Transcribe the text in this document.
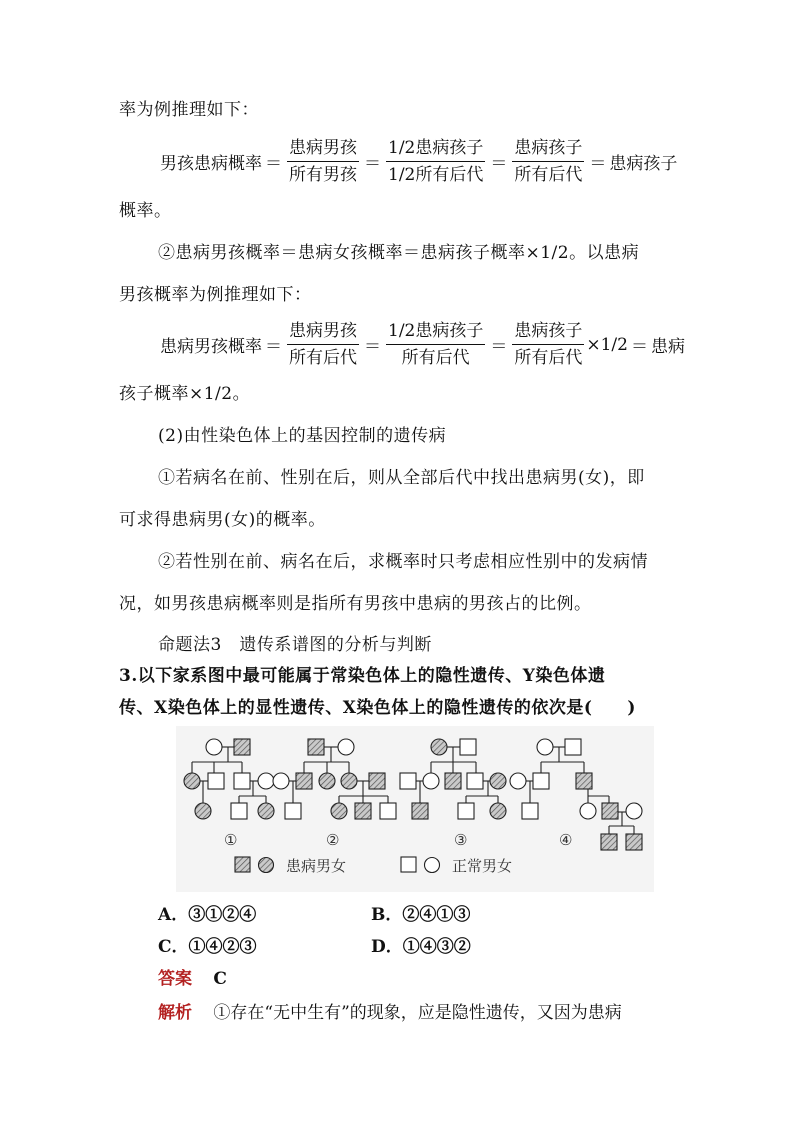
率为例推理如下：
男孩患病概率 ＝ $\frac{\text{患病男孩}}{\text{所有男孩}} = \frac{\text{1/2患病孩子}}{\text{1/2所有后代}} = \frac{\text{患病孩子}}{\text{所有后代}}$ ＝ 患病孩子
概率。
②患病男孩概率＝患病女孩概率＝患病孩子概率×1/2。以患病
男孩概率为例推理如下：
患病男孩概率 ＝ $\frac{\text{患病男孩}}{\text{所有后代}} = \frac{\text{1/2患病孩子}}{\text{所有后代}} = \frac{\text{患病孩子}}{\text{所有后代}} \times 1/2$ ＝ 患病
孩子概率×1/2。
(2)由性染色体上的基因控制的遗传病
①若病名在前、性别在后，则从全部后代中找出患病男(女)，即
可求得患病男(女)的概率。
②若性别在前、病名在后，求概率时只考虑相应性别中的发病情
况，如男孩患病概率则是指所有男孩中患病的男孩占的比例。
命题法3　遗传系谱图的分析与判断
3.以下家系图中最可能属于常染色体上的隐性遗传、Y染色体遗
传、X染色体上的显性遗传、X染色体上的隐性遗传的依次是(　　)
①	②	③	④
患病男女	正常男女
A．③①②④	B．②④①③
C．①④②③	D．①④③②
答案 C
解析 ①存在“无中生有”的现象，应是隐性遗传，又因为患病
